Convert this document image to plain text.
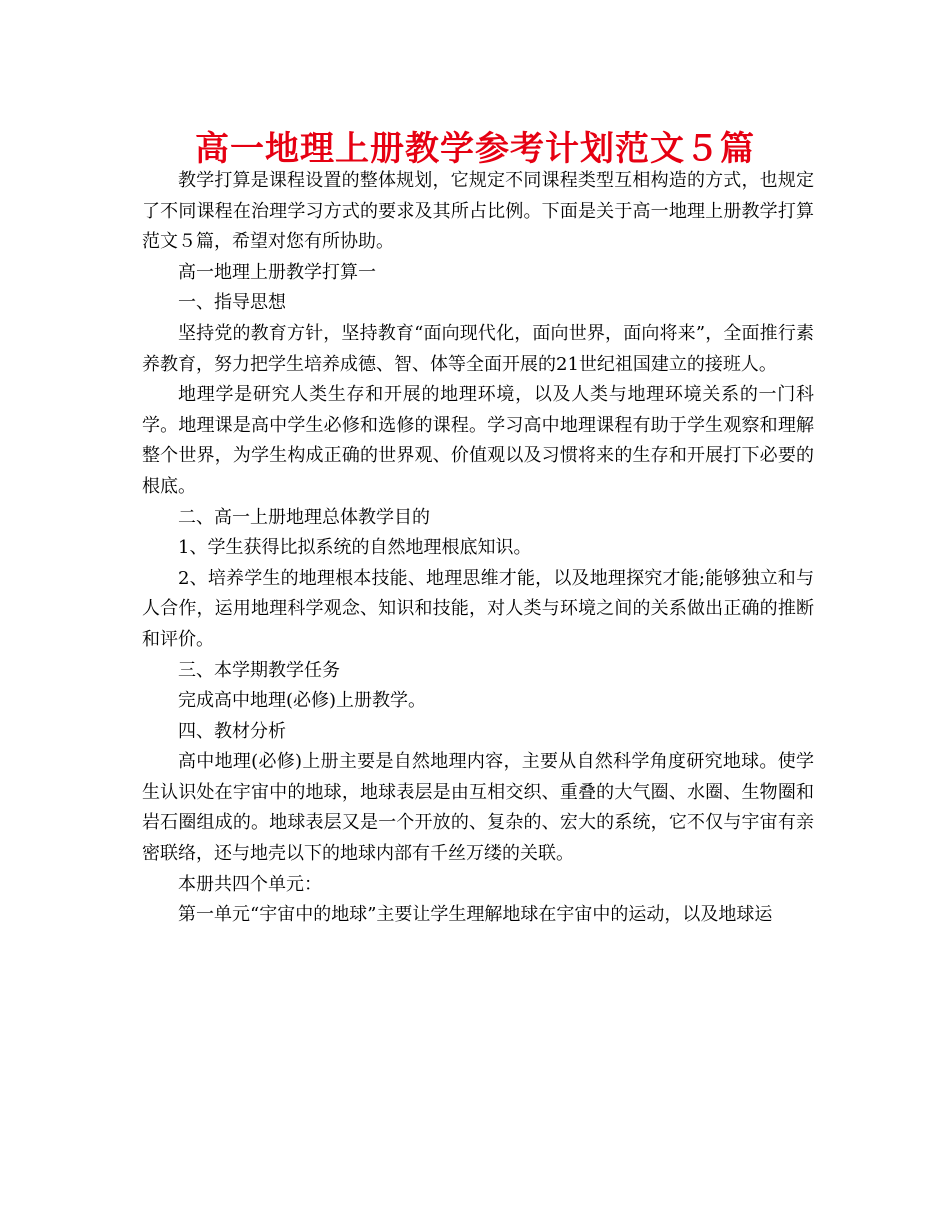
高一地理上册教学参考计划范文５篇

教学打算是课程设置的整体规划，它规定不同课程类型互相构造的方式，也规定了不同课程在治理学习方式的要求及其所占比例。下面是关于高一地理上册教学打算范文５篇，希望对您有所协助。

高一地理上册教学打算一

一、指导思想

坚持党的教育方针，坚持教育“面向现代化，面向世界，面向将来”，全面推行素养教育，努力把学生培养成德、智、体等全面开展的21世纪祖国建立的接班人。

地理学是研究人类生存和开展的地理环境，以及人类与地理环境关系的一门科学。地理课是高中学生必修和选修的课程。学习高中地理课程有助于学生观察和理解整个世界，为学生构成正确的世界观、价值观以及习惯将来的生存和开展打下必要的根底。

二、高一上册地理总体教学目的

1、学生获得比拟系统的自然地理根底知识。

2、培养学生的地理根本技能、地理思维才能，以及地理探究才能;能够独立和与人合作，运用地理科学观念、知识和技能，对人类与环境之间的关系做出正确的推断和评价。

三、本学期教学任务

完成高中地理(必修)上册教学。

四、教材分析

高中地理(必修)上册主要是自然地理内容，主要从自然科学角度研究地球。使学生认识处在宇宙中的地球，地球表层是由互相交织、重叠的大气圈、水圈、生物圈和岩石圈组成的。地球表层又是一个开放的、复杂的、宏大的系统，它不仅与宇宙有亲密联络，还与地壳以下的地球内部有千丝万缕的关联。

本册共四个单元：

第一单元“宇宙中的地球”主要让学生理解地球在宇宙中的运动，以及地球运
